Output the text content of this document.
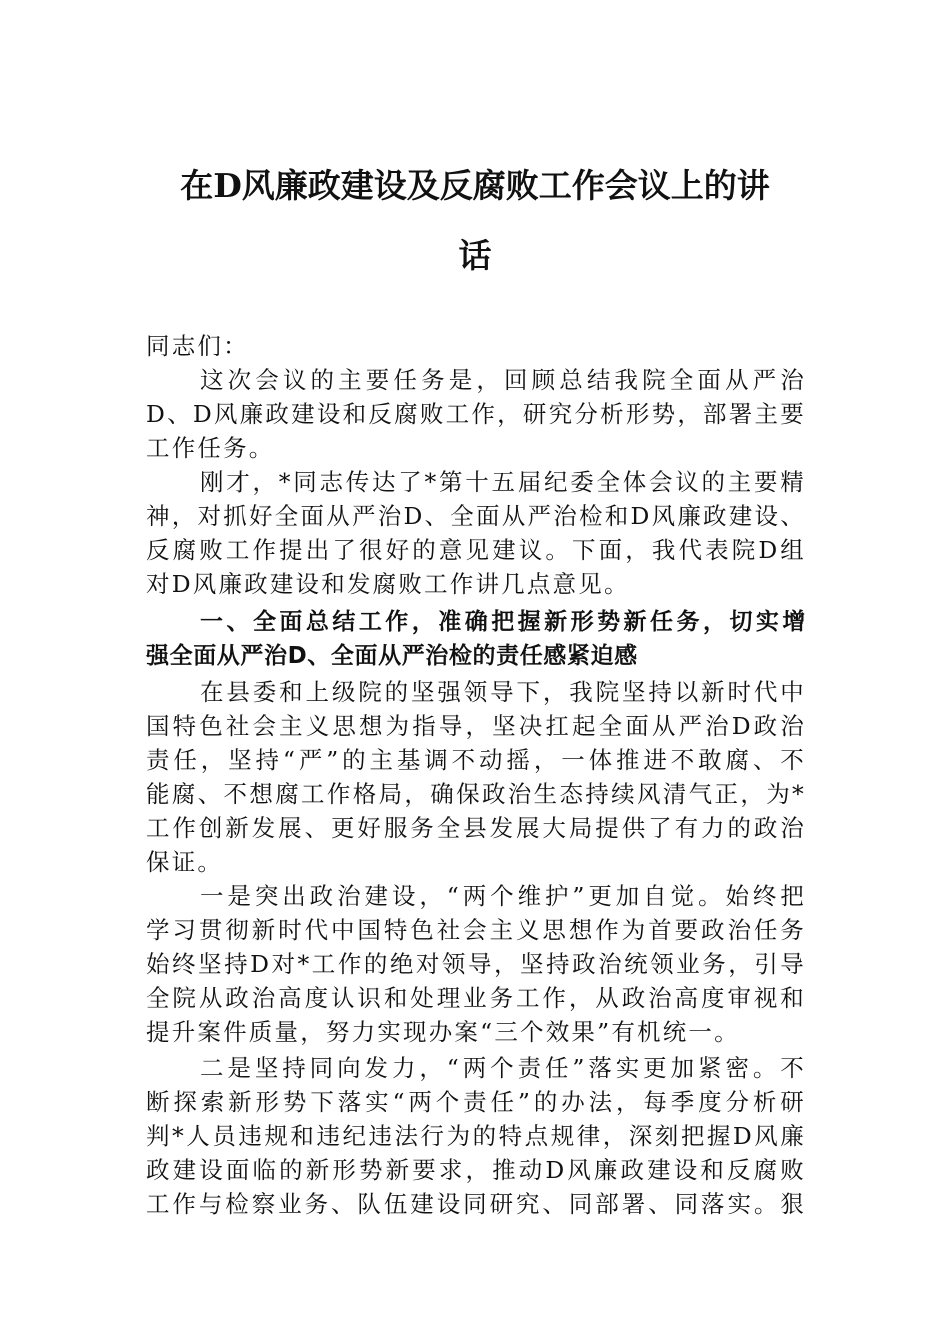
在D风廉政建设及反腐败工作会议上的讲
话

同志们：

这次会议的主要任务是，回顾总结我院全面从严治

D、D风廉政建设和反腐败工作，研究分析形势，部署主要

工作任务。

刚才，*同志传达了*第十五届纪委全体会议的主要精

神，对抓好全面从严治D、全面从严治检和D风廉政建设、

反腐败工作提出了很好的意见建议。下面，我代表院D组

对D风廉政建设和发腐败工作讲几点意见。

一、全面总结工作，准确把握新形势新任务，切实增

强全面从严治D、全面从严治检的责任感紧迫感

在县委和上级院的坚强领导下，我院坚持以新时代中

国特色社会主义思想为指导，坚决扛起全面从严治D政治

责任，坚持“严”的主基调不动摇，一体推进不敢腐、不

能腐、不想腐工作格局，确保政治生态持续风清气正，为*

工作创新发展、更好服务全县发展大局提供了有力的政治

保证。

一是突出政治建设，“两个维护”更加自觉。始终把

学习贯彻新时代中国特色社会主义思想作为首要政治任务

始终坚持D对*工作的绝对领导，坚持政治统领业务，引导

全院从政治高度认识和处理业务工作，从政治高度审视和

提升案件质量，努力实现办案“三个效果”有机统一。

二是坚持同向发力，“两个责任”落实更加紧密。不

断探索新形势下落实“两个责任”的办法，每季度分析研

判*人员违规和违纪违法行为的特点规律，深刻把握D风廉

政建设面临的新形势新要求，推动D风廉政建设和反腐败

工作与检察业务、队伍建设同研究、同部署、同落实。狠
